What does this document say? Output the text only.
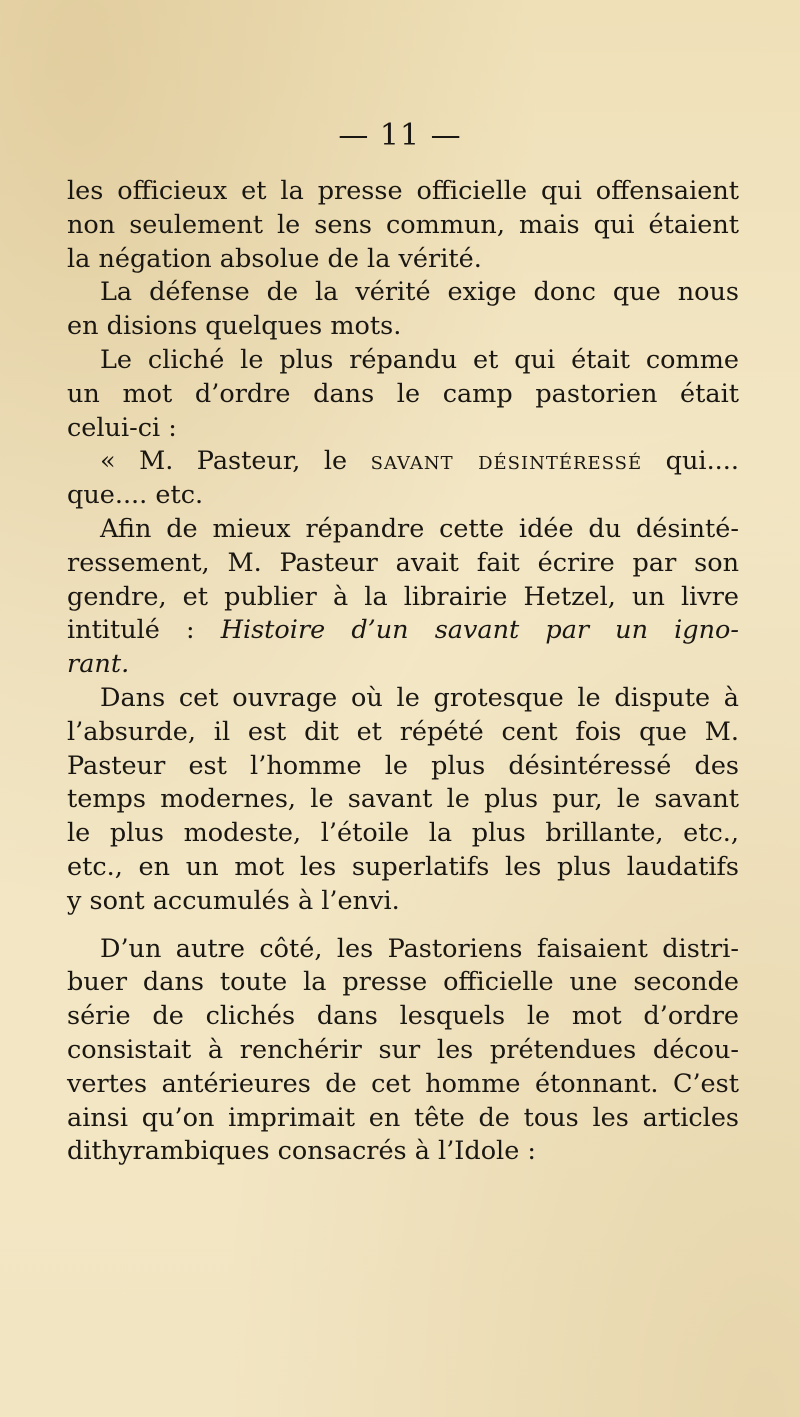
— 11 —
les officieux et la presse officielle qui offensaient
non seulement le sens commun, mais qui étaient
la négation absolue de la vérité.
La défense de la vérité exige donc que nous
en disions quelques mots.
Le cliché le plus répandu et qui était comme
un mot d’ordre dans le camp pastorien était
celui-ci :
« M. Pasteur, le savant désintéressé qui....
que.... etc.
Afin de mieux répandre cette idée du désinté-
ressement, M. Pasteur avait fait écrire par son
gendre, et publier à la librairie Hetzel, un livre
intitulé : Histoire d’un savant par un igno-
rant.
Dans cet ouvrage où le grotesque le dispute à
l’absurde, il est dit et répété cent fois que M.
Pasteur est l’homme le plus désintéressé des
temps modernes, le savant le plus pur, le savant
le plus modeste, l’étoile la plus brillante, etc.,
etc., en un mot les superlatifs les plus laudatifs
y sont accumulés à l’envi.
D’un autre côté, les Pastoriens faisaient distri-
buer dans toute la presse officielle une seconde
série de clichés dans lesquels le mot d’ordre
consistait à renchérir sur les prétendues décou-
vertes antérieures de cet homme étonnant. C’est
ainsi qu’on imprimait en tête de tous les articles
dithyrambiques consacrés à l’Idole :
